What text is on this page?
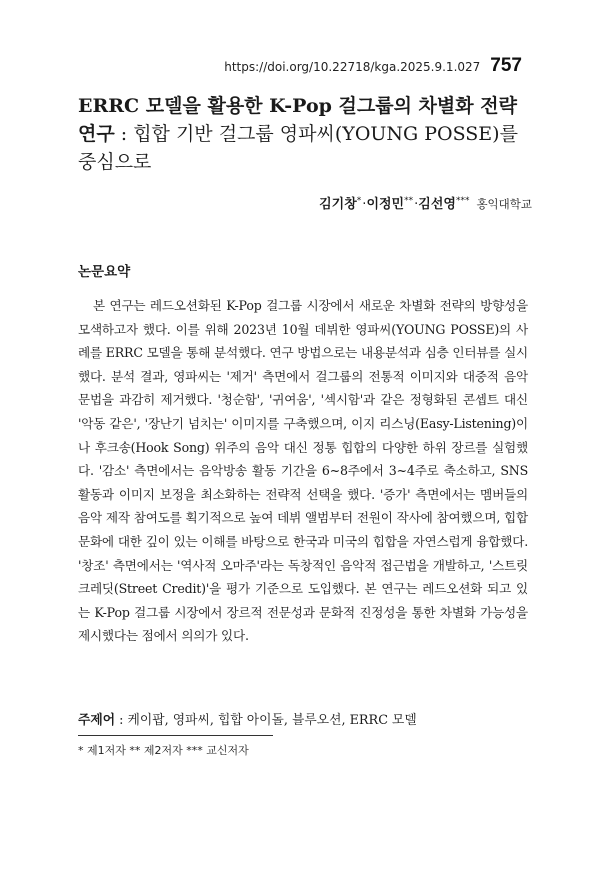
https://doi.org/10.22718/kga.2025.9.1.027 757
ERRC 모델을 활용한 K-Pop 걸그룹의 차별화 전략 연구 : 힙합 기반 걸그룹 영파씨(YOUNG POSSE)를 중심으로
김기창*·이정민**·김선영*** 홍익대학교
논문요약

본 연구는 레드오션화된 K-Pop 걸그룹 시장에서 새로운 차별화 전략의 방향성을 모색하고자 했다. 이를 위해 2023년 10월 데뷔한 영파씨(YOUNG POSSE)의 사례를 ERRC 모델을 통해 분석했다. 연구 방법으로는 내용분석과 심층 인터뷰를 실시했다. 분석 결과, 영파씨는 '제거' 측면에서 걸그룹의 전통적 이미지와 대중적 음악 문법을 과감히 제거했다. '청순함', '귀여움', '섹시함'과 같은 정형화된 콘셉트 대신 '악동 같은', '장난기 넘치는' 이미지를 구축했으며, 이지 리스닝(Easy-Listening)이나 후크송(Hook Song) 위주의 음악 대신 정통 힙합의 다양한 하위 장르를 실험했다. '감소' 측면에서는 음악방송 활동 기간을 6~8주에서 3~4주로 축소하고, SNS 활동과 이미지 보정을 최소화하는 전략적 선택을 했다. '증가' 측면에서는 멤버들의 음악 제작 참여도를 획기적으로 높여 데뷔 앨범부터 전원이 작사에 참여했으며, 힙합 문화에 대한 깊이 있는 이해를 바탕으로 한국과 미국의 힙합을 자연스럽게 융합했다. '창조' 측면에서는 '역사적 오마주'라는 독창적인 음악적 접근법을 개발하고, '스트릿 크레딧(Street Credit)'을 평가 기준으로 도입했다. 본 연구는 레드오션화 되고 있는 K-Pop 걸그룹 시장에서 장르적 전문성과 문화적 진정성을 통한 차별화 가능성을 제시했다는 점에서 의의가 있다.

주제어 : 케이팝, 영파씨, 힙합 아이돌, 블루오션, ERRC 모델
* 제1저자 ** 제2저자 *** 교신저자
